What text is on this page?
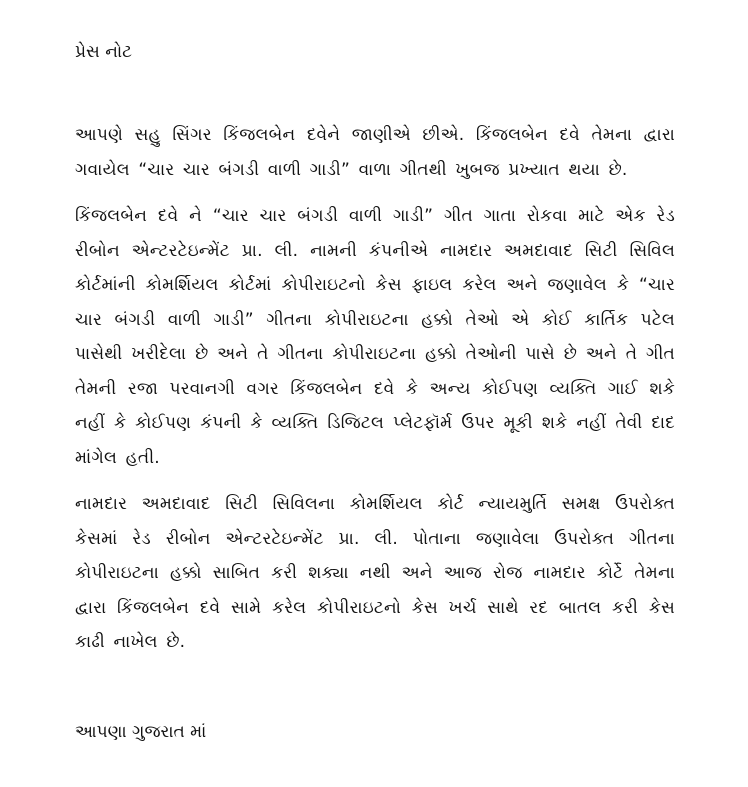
પ્રેસ નોટ

આપણે સહુ સિંગર કિંજલબેન દવેને જાણીએ છીએ. કિંજલબેન દવે તેમના દ્વારા ગવાયેલ “ચાર ચાર બંગડી વાળી ગાડી” વાળા ગીતથી ખુબજ પ્રખ્યાત થયા છે.

કિંજલબેન દવે ને “ચાર ચાર બંગડી વાળી ગાડી” ગીત ગાતા રોકવા માટે એક રેડ રીબોન એન્ટરટેઇન્મેંટ પ્રા. લી. નામની કંપનીએ નામદાર અમદાવાદ સિટી સિવિલ કોર્ટમાંની કોમર્શિયલ કોર્ટમાં કોપીરાઇટનો કેસ ફાઇલ કરેલ અને જણાવેલ કે “ચાર ચાર બંગડી વાળી ગાડી” ગીતના કોપીરાઇટના હક્કો તેઓ એ કોઈ કાર્તિક પટેલ પાસેથી ખરીદેલા છે અને તે ગીતના કોપીરાઇટના હક્કો તેઓની પાસે છે અને તે ગીત તેમની રજા પરવાનગી વગર કિંજલબેન દવે કે અન્ય કોઈપણ વ્યક્તિ ગાઈ શકે નહીં કે કોઈપણ કંપની કે વ્યક્તિ ડિજિટલ પ્લેટફૉર્મ ઉપર મૂકી શકે નહીં તેવી દાદ માંગેલ હતી.

નામદાર અમદાવાદ સિટી સિવિલના કોમર્શિયલ કોર્ટ ન્યાયમુર્તિ સમક્ષ ઉપરોક્ત કેસમાં રેડ રીબોન એન્ટરટેઇન્મેંટ પ્રા. લી. પોતાના જણાવેલા ઉપરોક્ત ગીતના કોપીરાઇટના હક્કો સાબિત કરી શક્યા નથી અને આજ રોજ નામદાર કોર્ટે તેમના દ્વારા કિંજલબેન દવે સામે કરેલ કોપીરાઇટનો કેસ ખર્ચ સાથે રદ બાતલ કરી કેસ કાઢી નાખેલ છે.

આપણા ગુજરાત માં
